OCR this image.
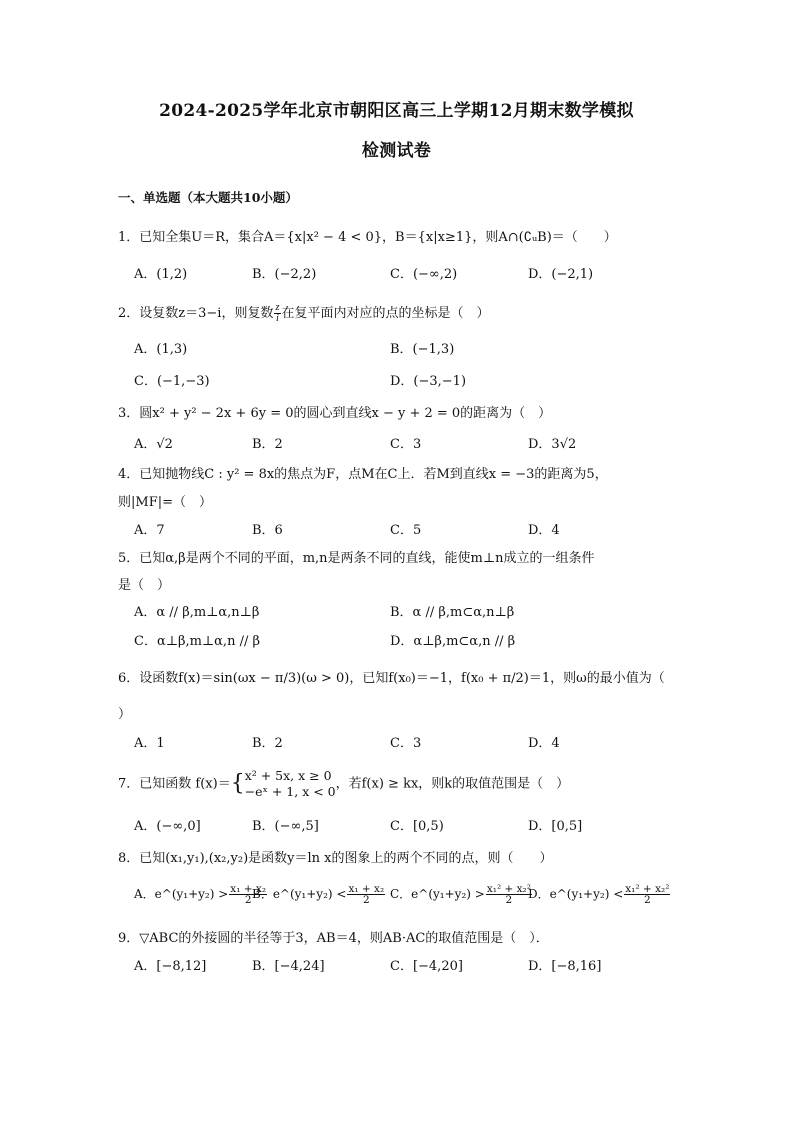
2024-2025学年北京市朝阳区高三上学期12月期末数学模拟
检测试卷
一、单选题（本大题共10小题）
1．已知全集U＝R，集合A＝{x|x² − 4 < 0}，B＝{x|x≥1}，则A∩(∁ᵤB)＝（　　）
A．(1,2)	B．(−2,2)	C．(−∞,2)	D．(−2,1)
2．设复数z＝3−i，则复数 $\frac{z}{i}$ 在复平面内对应的点的坐标是（　）
A．(1,3)	B．(−1,3)
C．(−1,−3)	D．(−3,−1)
3．圆x² + y² − 2x + 6y = 0的圆心到直线x − y + 2 = 0的距离为（　）
A．√2	B．2	C．3	D．3√2
4．已知抛物线C : y² = 8x的焦点为F，点M在C上．若M到直线x = −3的距离为5，
则|MF|=（　）
A．7	B．6	C．5	D．4
5．已知α,β是两个不同的平面，m,n是两条不同的直线，能使m⊥n成立的一组条件
是（　）
A．α // β,m⊥α,n⊥β	B．α // β,m⊂α,n⊥β
C．α⊥β,m⊥α,n // β	D．α⊥β,m⊂α,n // β
6．设函数f(x)＝sin(ωx − π/3)(ω > 0)，已知f(x₀)＝−1，f(x₀ + π/2)＝1，则ω的最小值为（
）
A．1	B．2	C．3	D．4
7．已知函数 f(x)＝{ x² + 5x, x ≥ 0
−eˣ + 1, x < 0 ，若f(x) ≥ kx，则k的取值范围是（　）
A．(−∞,0]	B．(−∞,5]	C．[0,5)	D．[0,5]
8．已知(x₁,y₁),(x₂,y₂)是函数y＝ln x的图象上的两个不同的点，则（　　）
A．e^(y₁+y₂) > $\frac{\text{x₁ + x₂}}{2}$
B．e^(y₁+y₂) < $\frac{\text{x₁ + x₂}}{2}$ C．e^(y₁+y₂) > $\frac{\text{x₁² + x₂²}}{2}$
D．e^(y₁+y₂) < $\frac{\text{x₁² + x₂²}}{2}$
9．▽ABC的外接圆的半径等于3，AB＝4，则AB·AC的取值范围是（　）．
A．[−8,12]	B．[−4,24]	C．[−4,20]	D．[−8,16]
